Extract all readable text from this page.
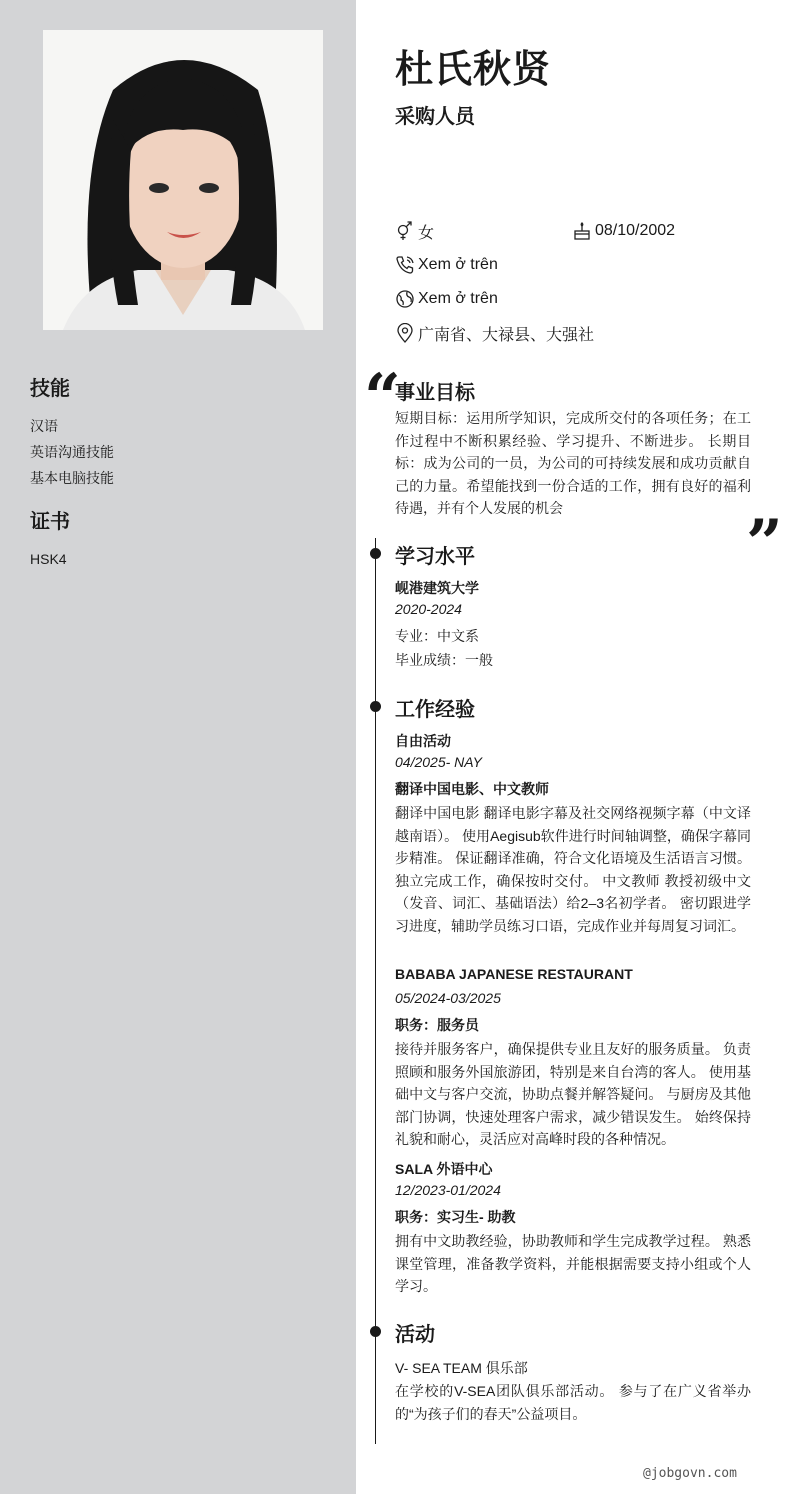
技能
汉语
英语沟通技能
基本电脑技能
证书
HSK4
杜氏秋贤
采购人员
女	08/10/2002
Xem ở trên
Xem ở trên
广南省、大禄县、大强社
“
事业目标
短期目标：运用所学知识，完成所交付的各项任务；在工作过程中不断积累经验、学习提升、不断进步。 长期目标：成为公司的一员，为公司的可持续发展和成功贡献自己的力量。希望能找到一份合适的工作，拥有良好的福利待遇，并有个人发展的机会	”
学习水平
岘港建筑大学
2020-2024
专业：中文系
毕业成绩：一般
工作经验
自由活动
04/2025- NAY
翻译中国电影、中文教师
翻译中国电影 翻译电影字幕及社交网络视频字幕（中文译越南语）。 使用Aegisub软件进行时间轴调整，确保字幕同步精准。 保证翻译准确，符合文化语境及生活语言习惯。 独立完成工作，确保按时交付。 中文教师 教授初级中文（发音、词汇、基础语法）给2–3名初学者。 密切跟进学习进度，辅助学员练习口语，完成作业并每周复习词汇。
BABABA JAPANESE RESTAURANT
05/2024-03/2025
职务：服务员
接待并服务客户，确保提供专业且友好的服务质量。 负责照顾和服务外国旅游团，特别是来自台湾的客人。 使用基础中文与客户交流，协助点餐并解答疑问。 与厨房及其他部门协调，快速处理客户需求，减少错误发生。 始终保持礼貌和耐心，灵活应对高峰时段的各种情况。
SALA 外语中心
12/2023-01/2024
职务：实习生- 助教
拥有中文助教经验，协助教师和学生完成教学过程。 熟悉课堂管理，准备教学资料，并能根据需要支持小组或个人学习。
活动
V- SEA TEAM 俱乐部
在学校的V-SEA团队俱乐部活动。 参与了在广义省举办的“为孩子们的春天”公益项目。
@jobgovn.com
